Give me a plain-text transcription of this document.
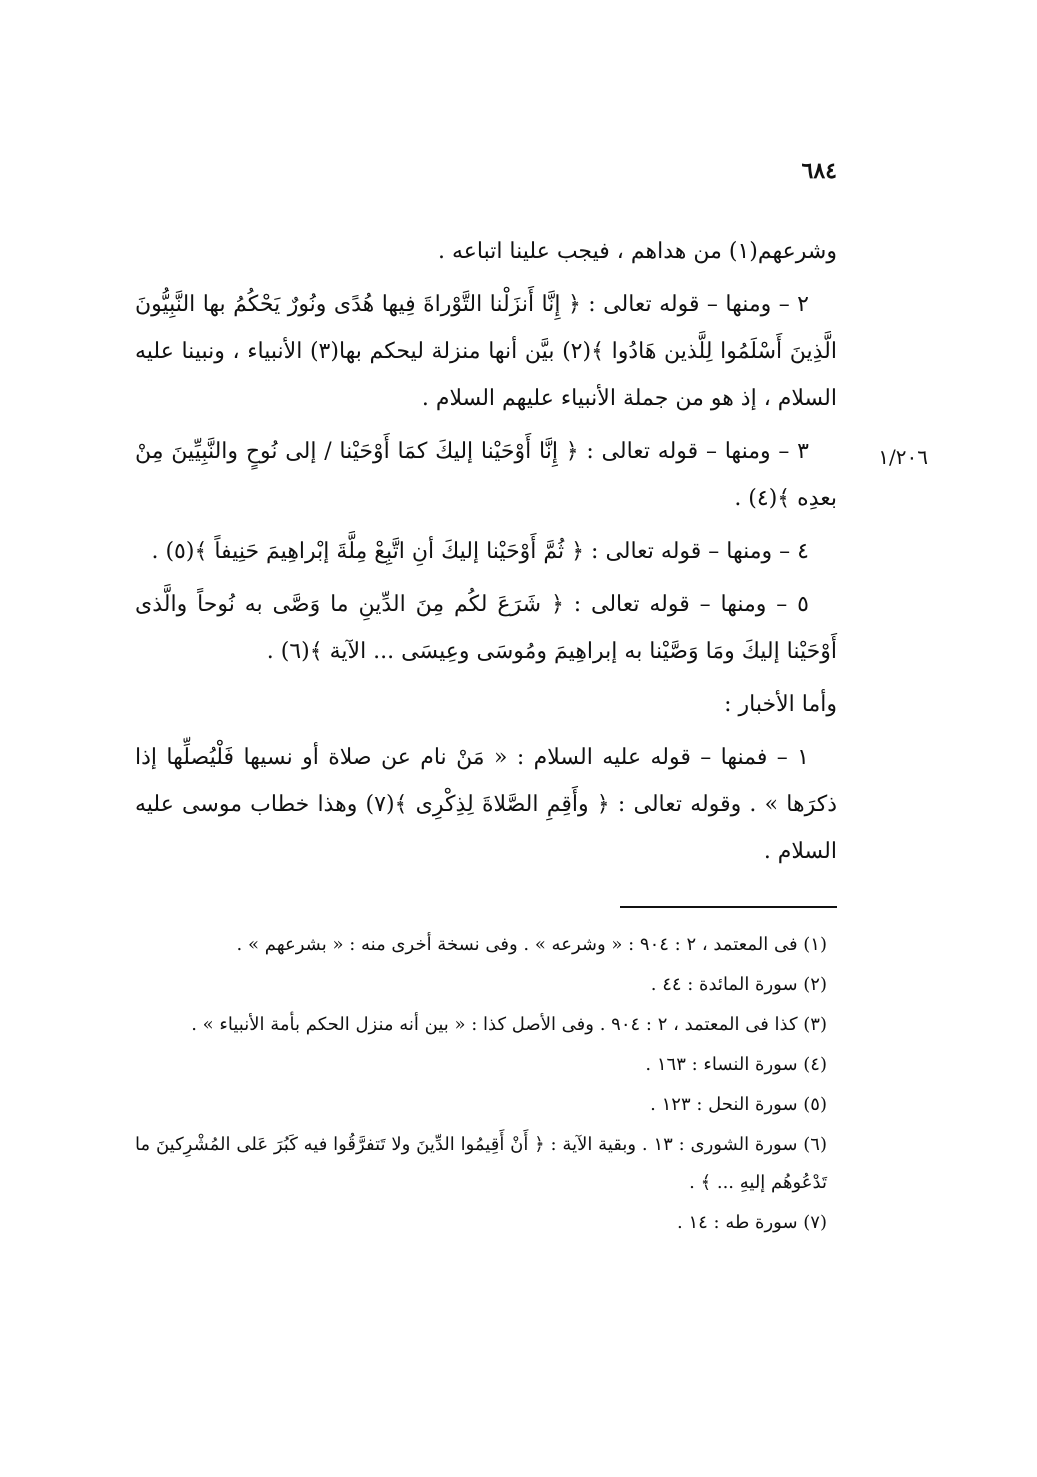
٦٨٤
١/٢٠٦

وشرعهم(١) من هداهم ، فيجب علينا اتباعه .

٢ – ومنها – قوله تعالى : ﴿ إِنَّا أَنزَلْنا التَّوْراةَ فِيها هُدًى ونُورٌ يَحْكُمُ بها النَّبِيُّونَ الَّذِينَ أَسْلَمُوا لِلَّذين هَادُوا ﴾(٢) بيَّن أنها منزلة ليحكم بها(٣) الأنبياء ، ونبينا عليه السلام ، إذ هو من جملة الأنبياء عليهم السلام .

٣ – ومنها – قوله تعالى : ﴿ إِنَّا أَوْحَيْنا إليكَ كمَا أَوْحَيْنا / إلى نُوحٍ والنَّبِيِّينَ مِنْ بعدِه ﴾(٤) .

٤ – ومنها – قوله تعالى : ﴿ ثُمَّ أَوْحَيْنا إليكَ أنِ اتَّبِعْ مِلَّةَ إبْراهِيمَ حَنِيفاً ﴾(٥) .

٥ – ومنها – قوله تعالى : ﴿ شَرَعَ لكُم مِنَ الدِّينِ ما وَصَّى به نُوحاً والَّذى أَوْحَيْنا إليكَ ومَا وَصَّيْنا به إبراهِيمَ ومُوسَى وعِيسَى ... الآية ﴾(٦) .

وأما الأخبار :

١ – فمنها – قوله عليه السلام : « مَنْ نام عن صلاة أو نسيها فَلْيُصلِّها إذا ذكرَها » . وقوله تعالى : ﴿ وأَقِمِ الصَّلاةَ لِذِكْرِى ﴾(٧) وهذا خطاب موسى عليه السلام .

(١) فى المعتمد ، ٢ : ٩٠٤ : « وشرعه » . وفى نسخة أخرى منه : « بشرعهم » .

(٢) سورة المائدة : ٤٤ .

(٣) كذا فى المعتمد ، ٢ : ٩٠٤ . وفى الأصل كذا : « بين أنه منزل الحكم بأمة الأنبياء » .

(٤) سورة النساء : ١٦٣ .

(٥) سورة النحل : ١٢٣ .

(٦) سورة الشورى : ١٣ . وبقية الآية : ﴿ أَنْ أَقِيمُوا الدِّينَ ولا تَتفرَّقُوا فيه كَبُرَ عَلى المُشْرِكينَ ما تَدْعُوهُم إليهِ ... ﴾ .

(٧) سورة طه : ١٤ .
